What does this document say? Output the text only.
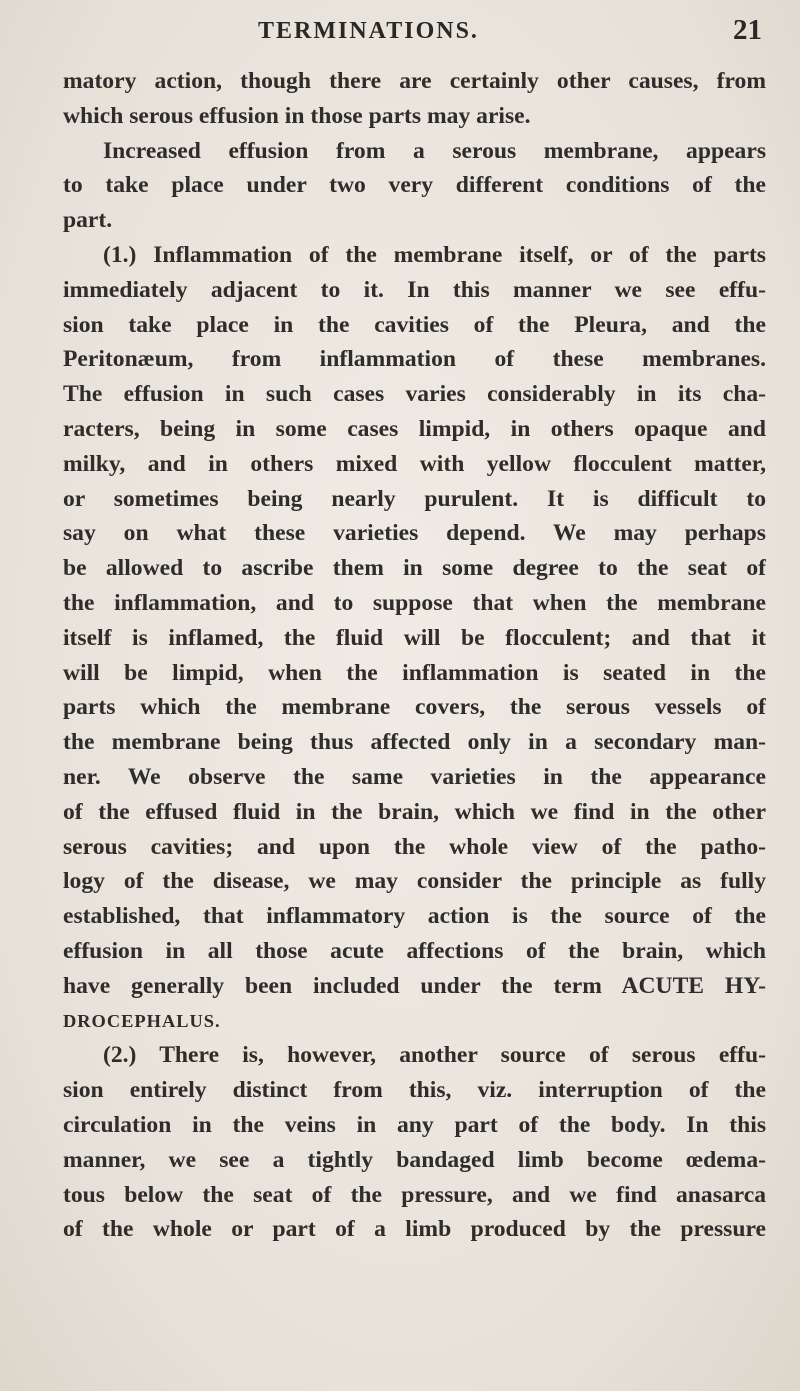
TERMINATIONS.	21
matory action, though there are certainly other causes, from
which serous effusion in those parts may arise.
Increased effusion from a serous membrane, appears
to take place under two very different conditions of the
part.
(1.) Inflammation of the membrane itself, or of the parts
immediately adjacent to it. In this manner we see effu-
sion take place in the cavities of the Pleura, and the
Peritonæum, from inflammation of these membranes.
The effusion in such cases varies considerably in its cha-
racters, being in some cases limpid, in others opaque and
milky, and in others mixed with yellow flocculent matter,
or sometimes being nearly purulent. It is difficult to
say on what these varieties depend. We may perhaps
be allowed to ascribe them in some degree to the seat of
the inflammation, and to suppose that when the membrane
itself is inflamed, the fluid will be flocculent; and that it
will be limpid, when the inflammation is seated in the
parts which the membrane covers, the serous vessels of
the membrane being thus affected only in a secondary man-
ner. We observe the same varieties in the appearance
of the effused fluid in the brain, which we find in the other
serous cavities; and upon the whole view of the patho-
logy of the disease, we may consider the principle as fully
established, that inflammatory action is the source of the
effusion in all those acute affections of the brain, which
have generally been included under the term ACUTE HY-
DROCEPHALUS.
(2.) There is, however, another source of serous effu-
sion entirely distinct from this, viz. interruption of the
circulation in the veins in any part of the body. In this
manner, we see a tightly bandaged limb become œdema-
tous below the seat of the pressure, and we find anasarca
of the whole or part of a limb produced by the pressure
